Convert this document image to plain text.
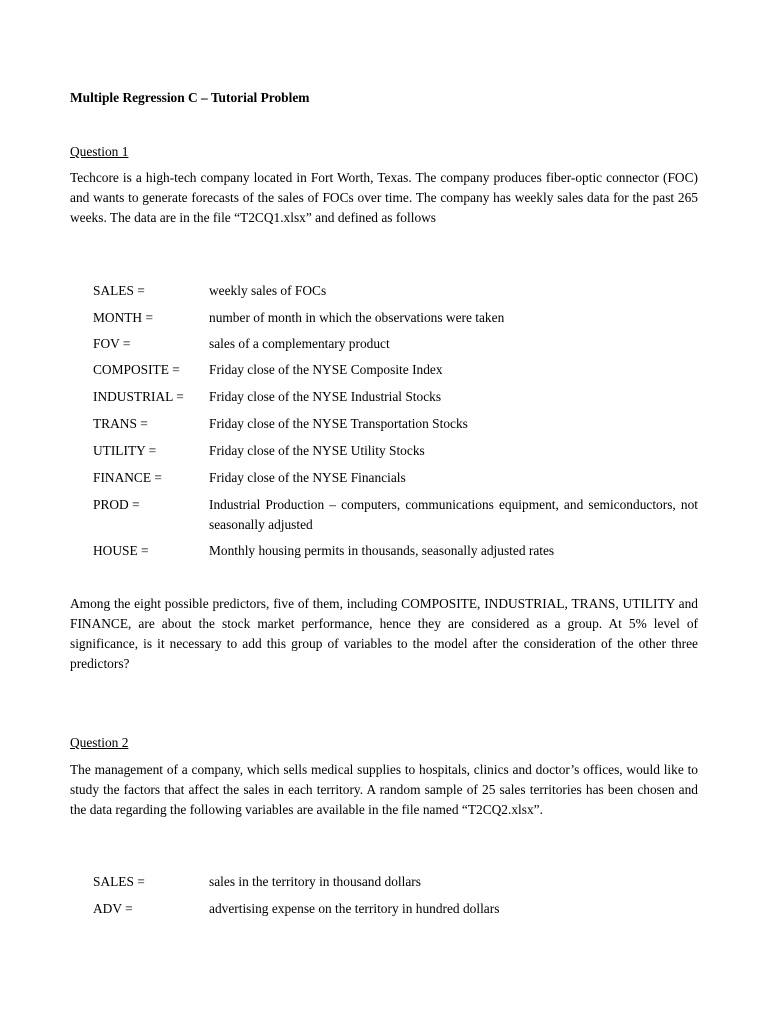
Multiple Regression C – Tutorial Problem
Question 1
Techcore is a high-tech company located in Fort Worth, Texas. The company produces fiber-optic connector (FOC) and wants to generate forecasts of the sales of FOCs over time. The company has weekly sales data for the past 265 weeks. The data are in the file “T2CQ1.xlsx” and defined as follows
SALES =	weekly sales of FOCs
MONTH =	number of month in which the observations were taken
FOV =	sales of a complementary product
COMPOSITE = Friday close of the NYSE Composite Index
INDUSTRIAL = Friday close of the NYSE Industrial Stocks
TRANS =	Friday close of the NYSE Transportation Stocks
UTILITY =	Friday close of the NYSE Utility Stocks
FINANCE =	Friday close of the NYSE Financials
PROD =	Industrial Production – computers, communications equipment, and semiconductors, not seasonally adjusted
HOUSE =	Monthly housing permits in thousands, seasonally adjusted rates
Among the eight possible predictors, five of them, including COMPOSITE, INDUSTRIAL, TRANS, UTILITY and FINANCE, are about the stock market performance, hence they are considered as a group. At 5% level of significance, is it necessary to add this group of variables to the model after the consideration of the other three predictors?
Question 2
The management of a company, which sells medical supplies to hospitals, clinics and doctor’s offices, would like to study the factors that affect the sales in each territory. A random sample of 25 sales territories has been chosen and the data regarding the following variables are available in the file named “T2CQ2.xlsx”.
SALES =	sales in the territory in thousand dollars
ADV =	advertising expense on the territory in hundred dollars
